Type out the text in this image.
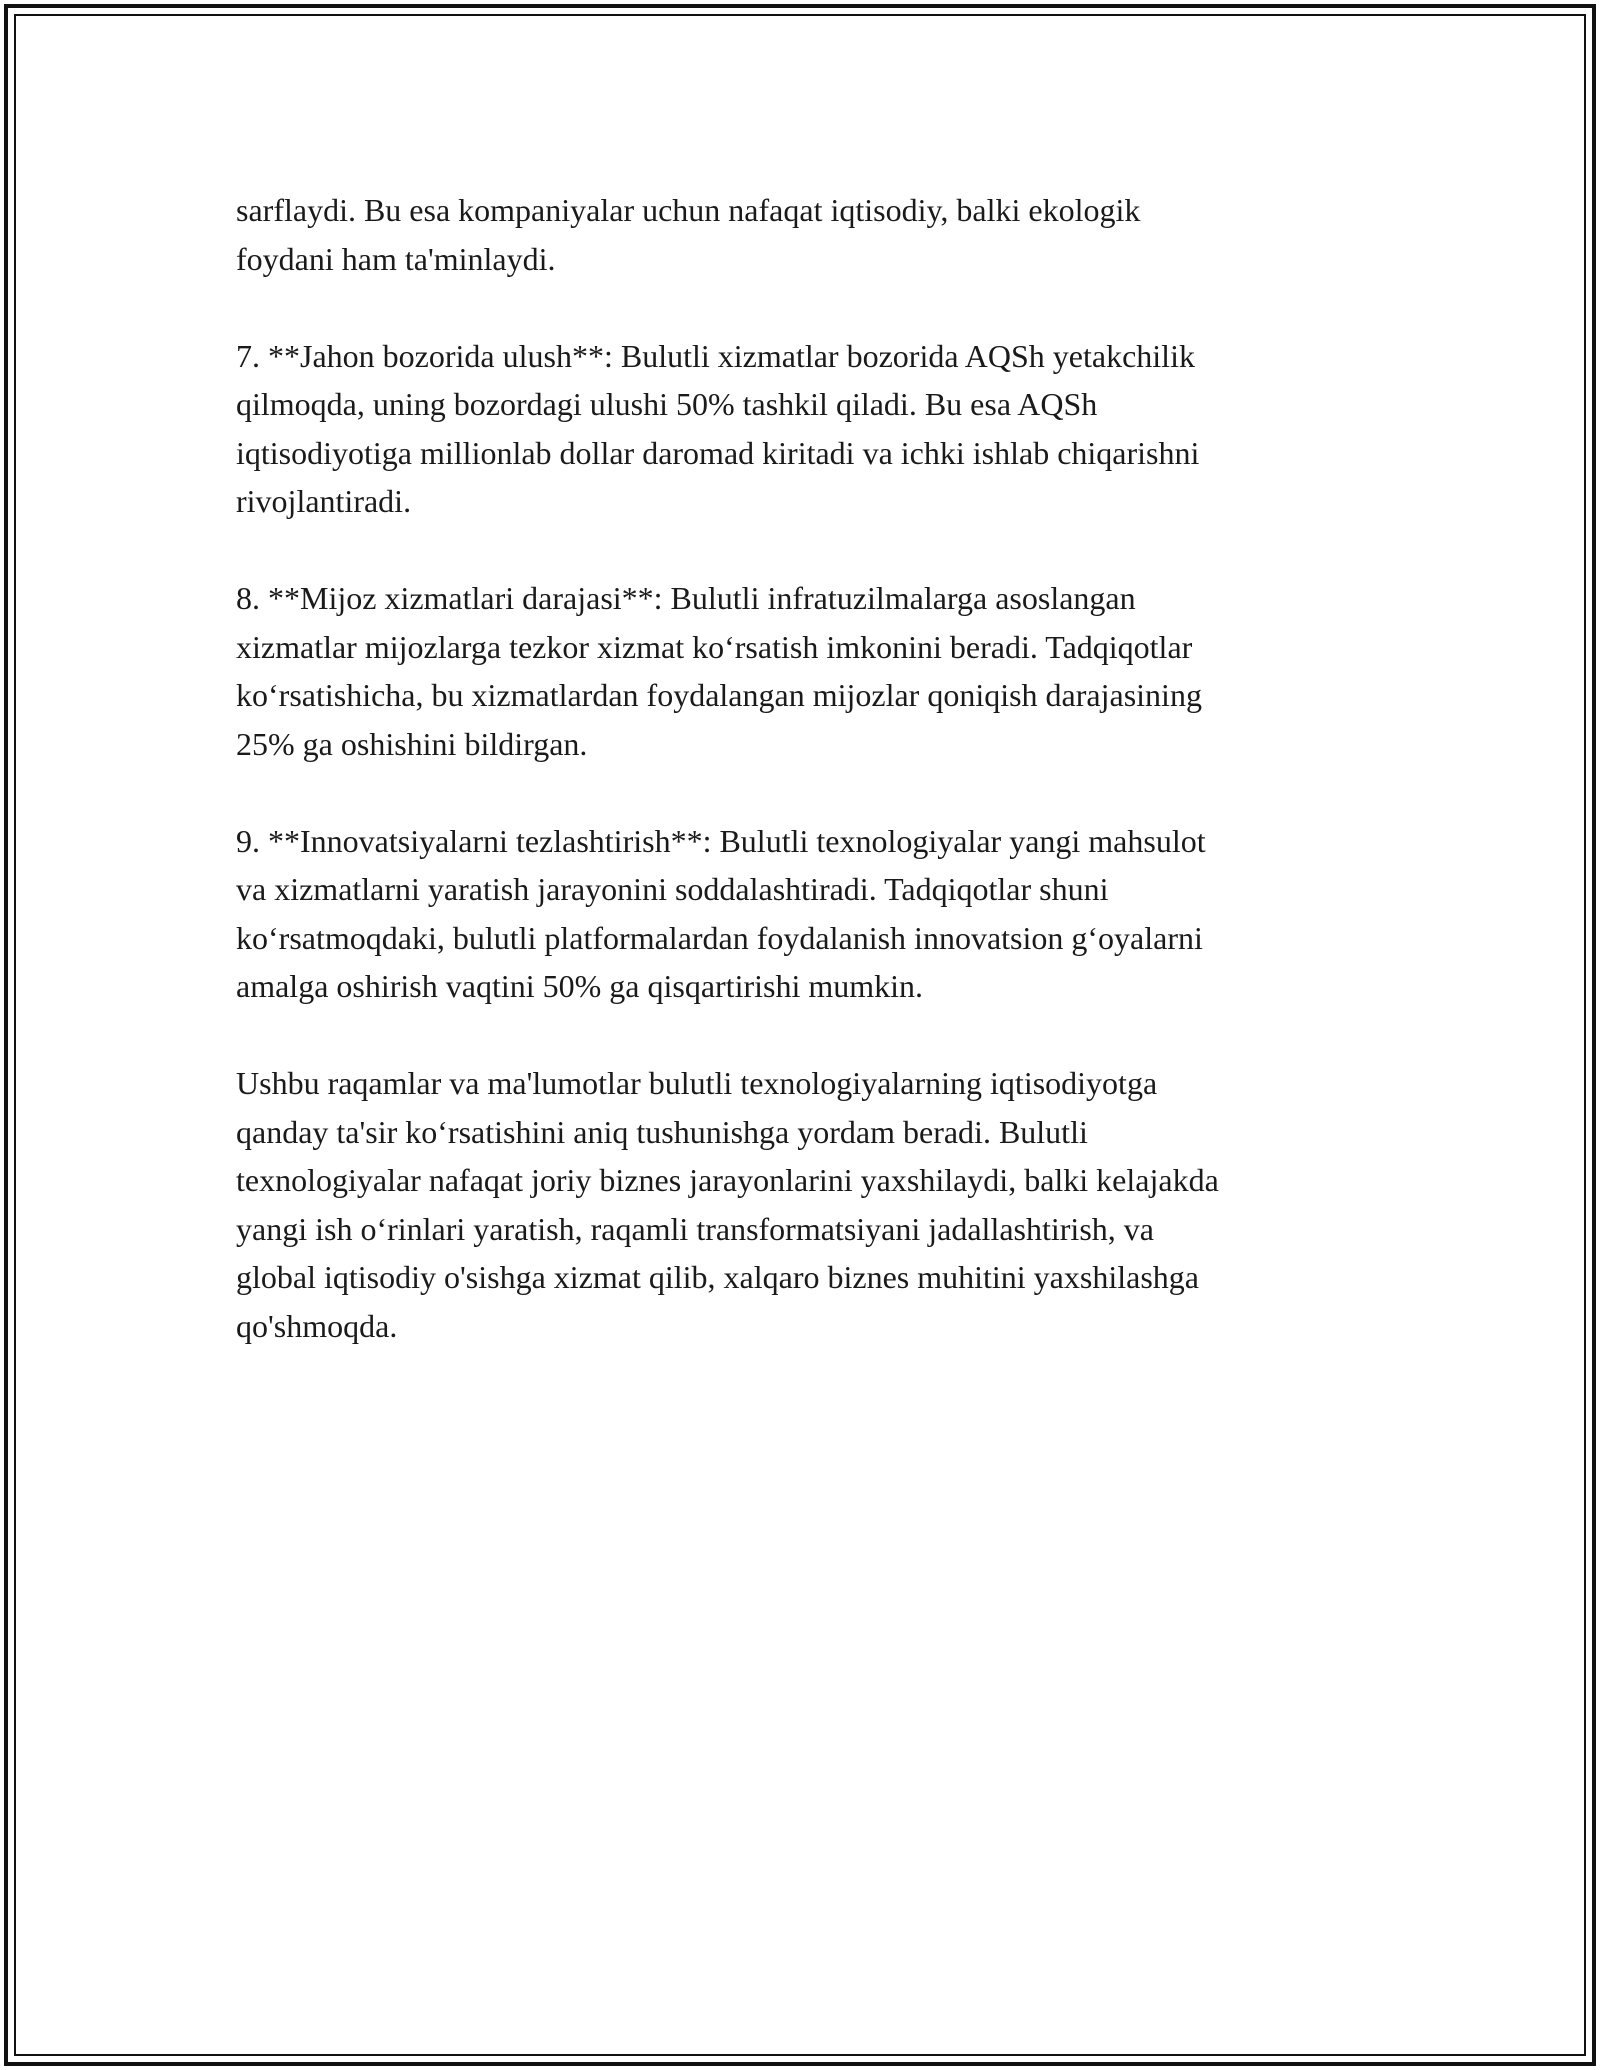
sarflaydi. Bu esa kompaniyalar uchun nafaqat iqtisodiy, balki ekologik
foydani ham ta'minlaydi.

7. **Jahon bozorida ulush**: Bulutli xizmatlar bozorida AQSh yetakchilik
qilmoqda, uning bozordagi ulushi 50% tashkil qiladi. Bu esa AQSh
iqtisodiyotiga millionlab dollar daromad kiritadi va ichki ishlab chiqarishni
rivojlantiradi.

8. **Mijoz xizmatlari darajasi**: Bulutli infratuzilmalarga asoslangan
xizmatlar mijozlarga tezkor xizmat ko‘rsatish imkonini beradi. Tadqiqotlar
ko‘rsatishicha, bu xizmatlardan foydalangan mijozlar qoniqish darajasining
25% ga oshishini bildirgan.

9. **Innovatsiyalarni tezlashtirish**: Bulutli texnologiyalar yangi mahsulot
va xizmatlarni yaratish jarayonini soddalashtiradi. Tadqiqotlar shuni
ko‘rsatmoqdaki, bulutli platformalardan foydalanish innovatsion g‘oyalarni
amalga oshirish vaqtini 50% ga qisqartirishi mumkin.

Ushbu raqamlar va ma'lumotlar bulutli texnologiyalarning iqtisodiyotga
qanday ta'sir ko‘rsatishini aniq tushunishga yordam beradi. Bulutli
texnologiyalar nafaqat joriy biznes jarayonlarini yaxshilaydi, balki kelajakda
yangi ish o‘rinlari yaratish, raqamli transformatsiyani jadallashtirish, va
global iqtisodiy o'sishga xizmat qilib, xalqaro biznes muhitini yaxshilashga
qo'shmoqda.
